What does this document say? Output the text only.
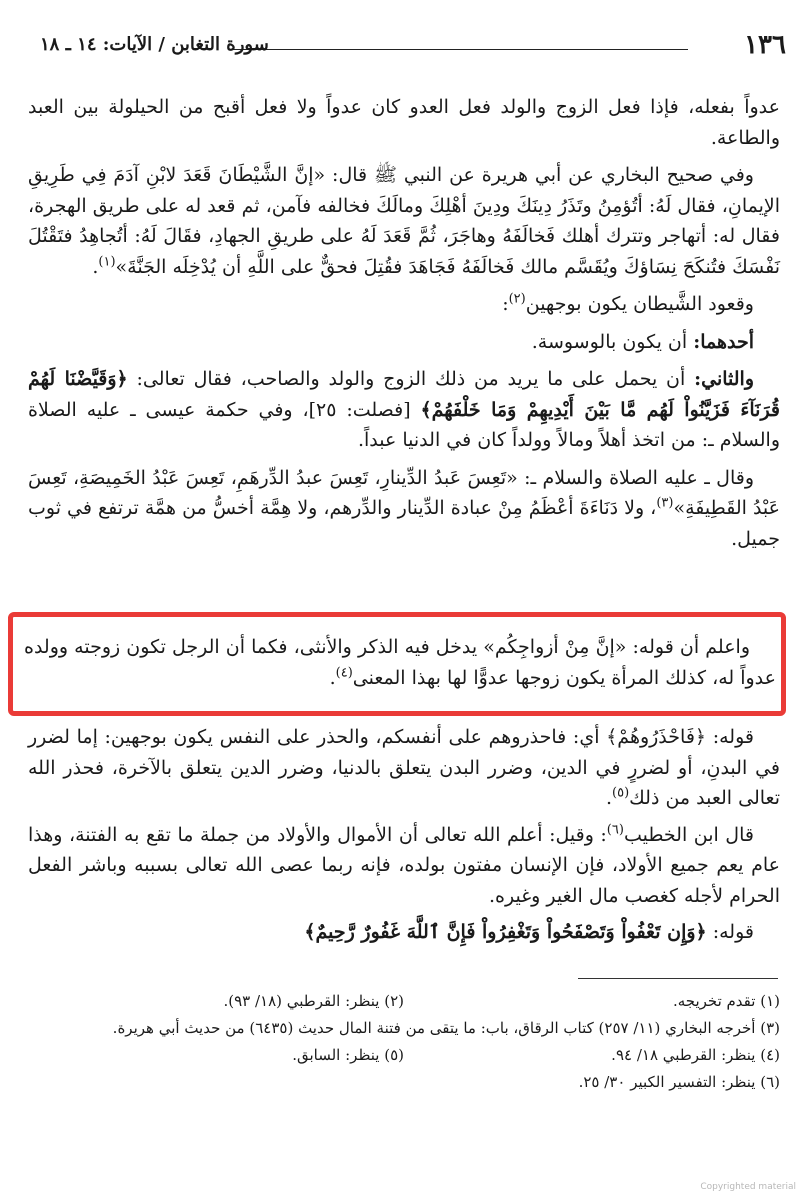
١٣٦
سورة التغابن / الآيات: ١٤ ـ ١٨

عدواً بفعله، فإذا فعل الزوج والولد فعل العدو كان عدواً ولا فعل أقبح من الحيلولة بين العبد والطاعة.

وفي صحيح البخاري عن أبي هريرة عن النبي ﷺ قال: «إنَّ الشَّيْطَانَ قَعَدَ لابْنِ آدَمَ فِي طَرِيقِ الإيمانِ، فقال لَهُ: أتُؤمِنُ وتَذَرُ دِينَكَ ودِينَ أهْلِكَ ومالَكَ فخالفه فآمن، ثم قعد له على طريق الهجرة، فقال له: أتهاجر وتترك أهلك فَخالَفَهُ وهاجَرَ، ثُمَّ قَعَدَ لَهُ على طريقِ الجهادِ، فقَالَ لَهُ: أتُجاهِدُ فتَقْتُلَ نَفْسَكَ فتُنكَحَ نِسَاؤكَ ويُقَسَّم مالك فَخالَفَهُ فَجَاهَدَ فقُتِلَ فحقٌّ على اللَّهِ أن يُدْخِلَه الجَنَّةَ»$^{(١)}$.

وقعود الشَّيطان يكون بوجهين$^{(٢)}$:

أحدهما: أن يكون بالوسوسة.

والثاني: أن يحمل على ما يريد من ذلك الزوج والولد والصاحب، فقال تعالى: ﴿وَقَيَّضْنَا لَهُمْ قُرَنَآءَ فَزَيَّنُواْ لَهُم مَّا بَيْنَ أَيْدِيهِمْ وَمَا خَلْفَهُمْ﴾ [فصلت: ٢٥]، وفي حكمة عيسى ـ عليه الصلاة والسلام ـ: من اتخذ أهلاً ومالاً وولداً كان في الدنيا عبداً.

وقال ـ عليه الصلاة والسلام ـ: «تَعِسَ عَبدُ الدِّينارِ، تَعِسَ عبدُ الدِّرهَمِ، تَعِسَ عَبْدُ الخَمِيصَةِ، تَعِسَ عَبْدُ القَطِيفَةِ»$^{(٣)}$، ولا دَنَاءَةَ أعْظَمُ مِنْ عبادة الدِّينار والدِّرهم، ولا هِمَّة أخسُّ من همَّة ترتفع في ثوب جميل.

واعلم أن قوله: «إنَّ مِنْ أزواجِكُم» يدخل فيه الذكر والأنثى، فكما أن الرجل تكون زوجته وولده عدواً له، كذلك المرأة يكون زوجها عدوًّا لها بهذا المعنى$^{(٤)}$.

قوله: ﴿فَاحْذَرُوهُمْ﴾ أي: فاحذروهم على أنفسكم، والحذر على النفس يكون بوجهين: إما لضرر في البدنِ، أو لضررٍ في الدين، وضرر البدن يتعلق بالدنيا، وضرر الدين يتعلق بالآخرة، فحذر الله تعالى العبد من ذلك$^{(٥)}$.

قال ابن الخطيب$^{(٦)}$: وقيل: أعلم الله تعالى أن الأموال والأولاد من جملة ما تقع به الفتنة، وهذا عام يعم جميع الأولاد، فإن الإنسان مفتون بولده، فإنه ربما عصى الله تعالى بسببه وباشر الفعل الحرام لأجله كغصب مال الغير وغيره.

قوله: ﴿وَإِن تَعْفُواْ وَتَصْفَحُواْ وَتَغْفِرُواْ فَإِنَّ ٱللَّهَ غَفُورٌ رَّحِيمٌ﴾

(١) تقدم تخريجه.
(٢) ينظر: القرطبي (١٨/ ٩٣).

(٣) أخرجه البخاري (١١/ ٢٥٧) كتاب الرقاق، باب: ما يتقى من فتنة المال حديث (٦٤٣٥) من حديث أبي هريرة.

(٤) ينظر: القرطبي ١٨/ ٩٤.
(٥) ينظر: السابق.

(٦) ينظر: التفسير الكبير ٣٠/ ٢٥.

Copyrighted material
